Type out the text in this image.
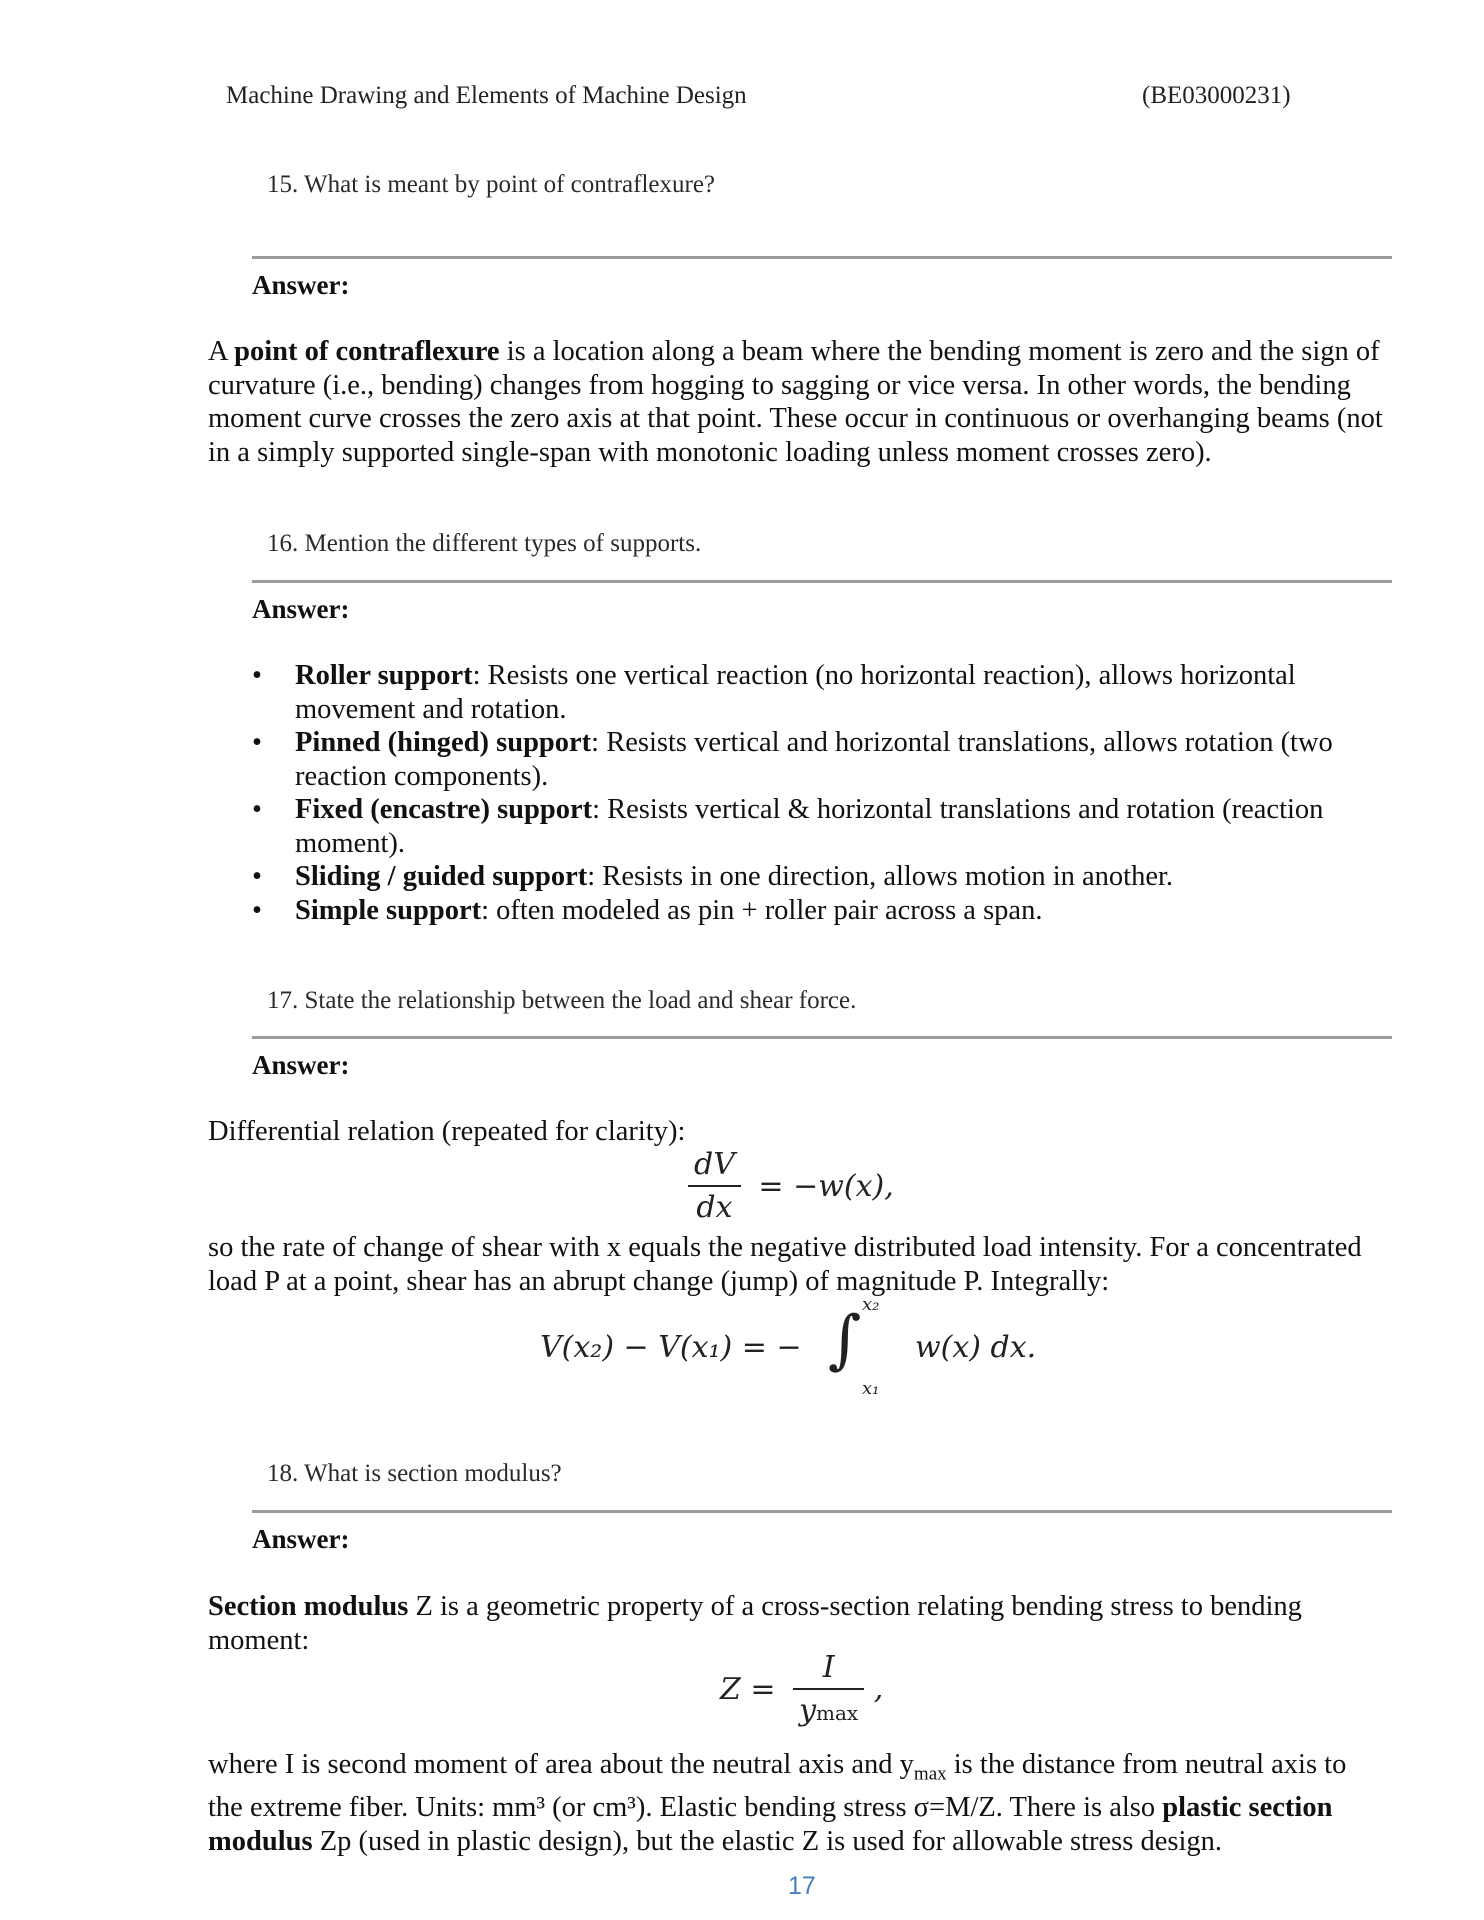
Machine Drawing and Elements of Machine Design	(BE03000231)
15. What is meant by point of contraflexure?
Answer:
A point of contraflexure is a location along a beam where the bending moment is zero and the sign of curvature (i.e., bending) changes from hogging to sagging or vice versa. In other words, the bending moment curve crosses the zero axis at that point. These occur in continuous or overhanging beams (not in a simply supported single-span with monotonic loading unless moment crosses zero).
16. Mention the different types of supports.
Answer:
• Roller support: Resists one vertical reaction (no horizontal reaction), allows horizontal movement and rotation.
• Pinned (hinged) support: Resists vertical and horizontal translations, allows rotation (two reaction components).
• Fixed (encastre) support: Resists vertical & horizontal translations and rotation (reaction moment).
• Sliding / guided support: Resists in one direction, allows motion in another.
• Simple support: often modeled as pin + roller pair across a span.
17. State the relationship between the load and shear force.
Answer:
Differential relation (repeated for clarity):
$\frac{dV}{dx} = -w(x)$,
so the rate of change of shear with x equals the negative distributed load intensity. For a concentrated load P at a point, shear has an abrupt change (jump) of magnitude P. Integrally:
V(x₂) − V(x₁) = − ∫ x₂
x₁
w(x) dx.
18. What is section modulus?
Answer:
Section modulus Z is a geometric property of a cross-section relating bending stress to bending moment:
$Z = \frac{I}{ymax}$ ,
where I is second moment of area about the neutral axis and $y_{max}$ is the distance from neutral axis to the extreme fiber. Units: mm³ (or cm³). Elastic bending stress σ=M/Z. There is also plastic section modulus Zp (used in plastic design), but the elastic Z is used for allowable stress design.
17
